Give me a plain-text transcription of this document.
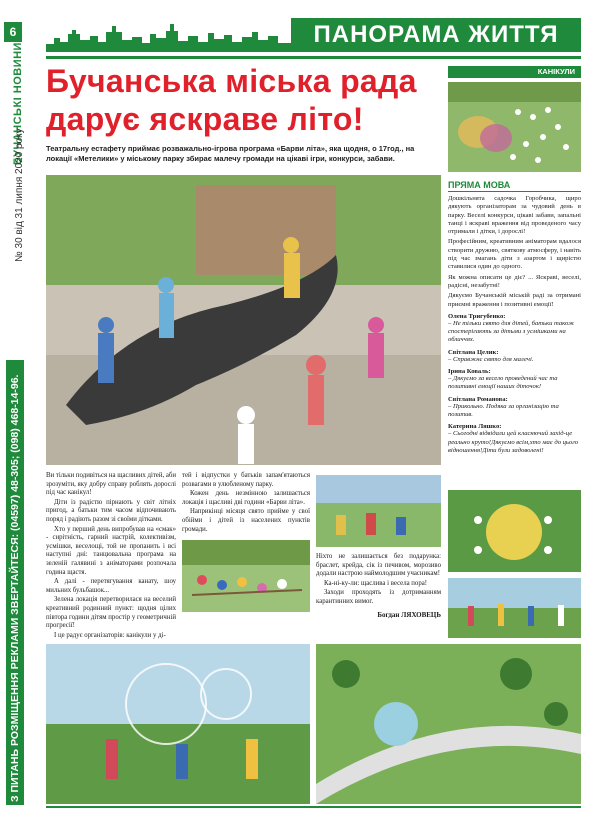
6
БУЧАНСЬКІ НОВИНИ
№ 30 від 31 липня 2020 року
З ПИТАНЬ РОЗМІЩЕННЯ РЕКЛАМИ ЗВЕРТАЙТЕСЯ: (04597) 48-305; (098) 468-14-96.
ПАНОРАМА ЖИТТЯ
Бучанська міська рада дарує яскраве літо!
Театральну естафету приймає розважально-ігрова програма «Барви літа», яка щодня, о 17год., на локації «Метелики» у міському парку збирає малечу громади на цікаві ігри, конкурси, забави.
КАНІКУЛИ
ПРЯМА МОВА

Дошкільнята садочка Горобчика, щиро дякують організаторам за чудовий день в парку. Веселі конкурси, цікаві забави, запальні танці і яскраві враження від проведеного часу отримали і дітки, і дорослі!

Професійним, креативним аніматорам вдалося створити дружню, святкову атмосферу, і навіть під час змагань діти з азартом і щирістю ставилися один до одного.

Як можна описати це діє? ... Яскраві, веселі, радісні, незабутні!

Дякуємо Бучанській міській раді за отримані приємні враження і позитивні емоції!

Олена Тригубенко:
– Не тільки свято для дітей, батьки також спостерігають за дітьми з усмішками на обличчях.
Світлана Целик:
– Справжнє свято для малечі.
Ірина Коваль:
– Дякуємо за весело проведений час та позитивні емоції наших діточок!
Світлана Романова:
– Прикольно. Подяка за організацію та позитив.
Катерина Ляшко:
– Сьогодні відвідали цей класнючий захід-це реально круто!Дякуємо всім,хто має до цього відношення!Діти були задоволені!

Ви тільки подивіться на щасливих дітей, аби зрозуміти, яку добру справу роблять дорослі під час канікул!

Діти із радістю пірнають у світ літніх пригод, а батьки тим часом відпочивають поряд і радіють разом зі своїми дітками.

Хто у перший день випробував на «смак» - сирітність, гарний настрій, колективізм, усмішки, веселощі, той не пропанить і всі наступні дні: танцювальна програма на зеленій галявині з аніматорами розпочала година щастя.

А далі - перетягування канату, шоу мильних бульбашок...

Зелена локація перетворилася на веселий креативний родинний пункт: щодня цілих півтора години дітям простір у геометричній прогресії!

І це радує організаторів: канікули у ді-

тей і відпустки у батьків запам'ятаються розвагами в улюбленому парку.

Кожен день незмінною залишається локація і щасливі дві години «Барви літа».

Наприкінці місяця свято прийме у свої обійми і дітей із населених пунктів громади.

Ніхто не залишається без подарунка: браслет, крейда, сік із печивом, морозиво додали настрою наймолодшим учасникам!

Ка-ні-ку-ли: щаслива і весела пора!

Заходи проходять із дотриманням карантинних вимог.

Богдан ЛЯХОВЕЦЬ
